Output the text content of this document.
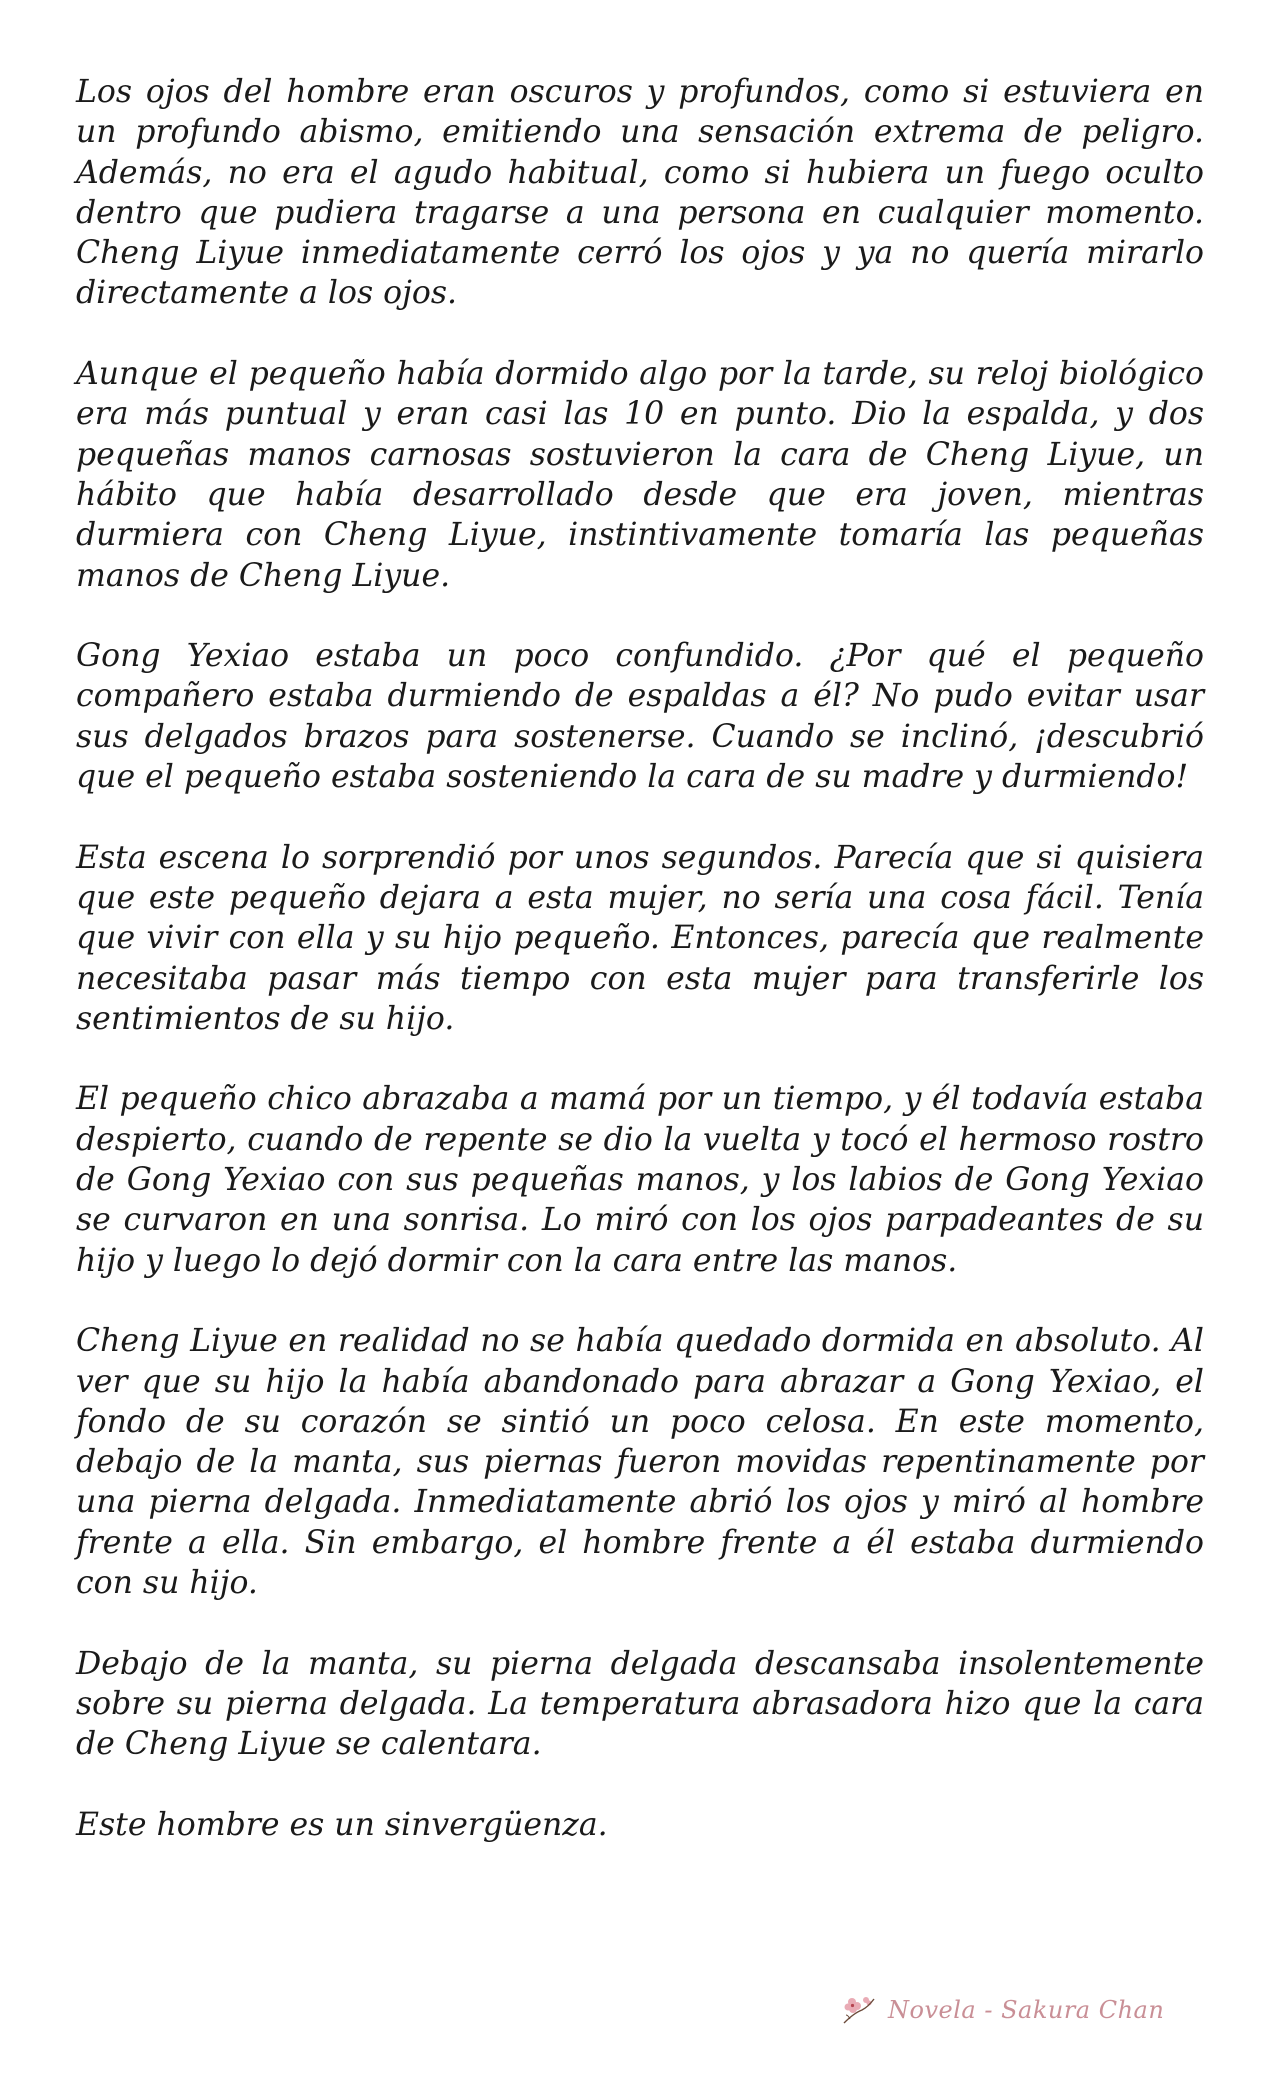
Los ojos del hombre eran oscuros y profundos, como si estuviera en un profundo abismo, emitiendo una sensación extrema de peligro. Además, no era el agudo habitual, como si hubiera un fuego oculto dentro que pudiera tragarse a una persona en cualquier momento. Cheng Liyue inmediatamente cerró los ojos y ya no quería mirarlo directamente a los ojos.

Aunque el pequeño había dormido algo por la tarde, su reloj biológico era más puntual y eran casi las 10 en punto. Dio la espalda, y dos pequeñas manos carnosas sostuvieron la cara de Cheng Liyue, un hábito que había desarrollado desde que era joven, mientras durmiera con Cheng Liyue, instintivamente tomaría las pequeñas manos de Cheng Liyue.

Gong Yexiao estaba un poco confundido. ¿Por qué el pequeño compañero estaba durmiendo de espaldas a él? No pudo evitar usar sus delgados brazos para sostenerse. Cuando se inclinó, ¡descubrió que el pequeño estaba sosteniendo la cara de su madre y durmiendo!

Esta escena lo sorprendió por unos segundos. Parecía que si quisiera que este pequeño dejara a esta mujer, no sería una cosa fácil. Tenía que vivir con ella y su hijo pequeño. Entonces, parecía que realmente necesitaba pasar más tiempo con esta mujer para transferirle los sentimientos de su hijo.

El pequeño chico abrazaba a mamá por un tiempo, y él todavía estaba despierto, cuando de repente se dio la vuelta y tocó el hermoso rostro de Gong Yexiao con sus pequeñas manos, y los labios de Gong Yexiao se curvaron en una sonrisa. Lo miró con los ojos parpadeantes de su hijo y luego lo dejó dormir con la cara entre las manos.

Cheng Liyue en realidad no se había quedado dormida en absoluto. Al ver que su hijo la había abandonado para abrazar a Gong Yexiao, el fondo de su corazón se sintió un poco celosa. En este momento, debajo de la manta, sus piernas fueron movidas repentinamente por una pierna delgada. Inmediatamente abrió los ojos y miró al hombre frente a ella. Sin embargo, el hombre frente a él estaba durmiendo con su hijo.

Debajo de la manta, su pierna delgada descansaba insolentemente sobre su pierna delgada. La temperatura abrasadora hizo que la cara de Cheng Liyue se calentara.

Este hombre es un sinvergüenza.

Novela - Sakura Chan
